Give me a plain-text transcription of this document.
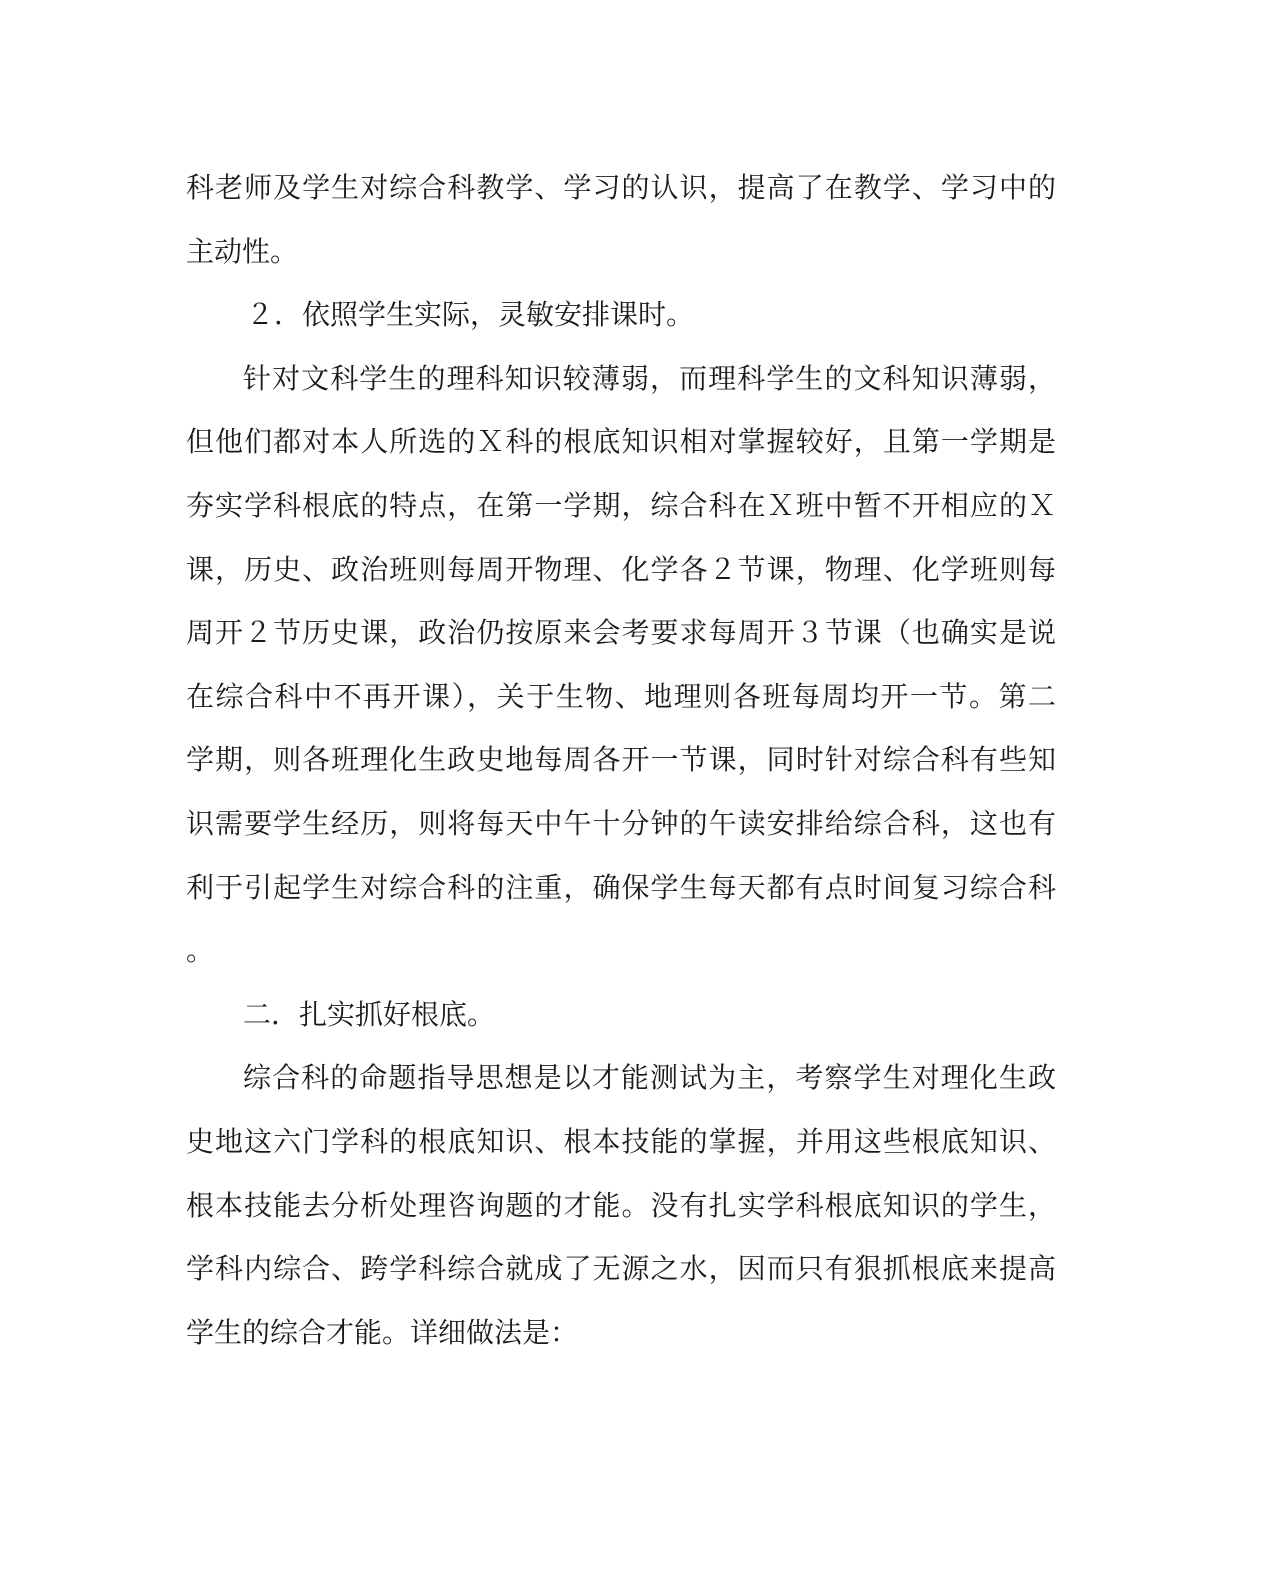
科老师及学生对综合科教学、学习的认识，提高了在教学、学习中的
主动性。
２．依照学生实际，灵敏安排课时。
针对文科学生的理科知识较薄弱，而理科学生的文科知识薄弱，
但他们都对本人所选的Ｘ科的根底知识相对掌握较好，且第一学期是
夯实学科根底的特点，在第一学期，综合科在Ｘ班中暂不开相应的Ｘ
课，历史、政治班则每周开物理、化学各２节课，物理、化学班则每
周开２节历史课，政治仍按原来会考要求每周开３节课（也确实是说
在综合科中不再开课），关于生物、地理则各班每周均开一节。第二
学期，则各班理化生政史地每周各开一节课，同时针对综合科有些知
识需要学生经历，则将每天中午十分钟的午读安排给综合科，这也有
利于引起学生对综合科的注重，确保学生每天都有点时间复习综合科
。
二．扎实抓好根底。
综合科的命题指导思想是以才能测试为主，考察学生对理化生政
史地这六门学科的根底知识、根本技能的掌握，并用这些根底知识、
根本技能去分析处理咨询题的才能。没有扎实学科根底知识的学生，
学科内综合、跨学科综合就成了无源之水，因而只有狠抓根底来提高
学生的综合才能。详细做法是：
